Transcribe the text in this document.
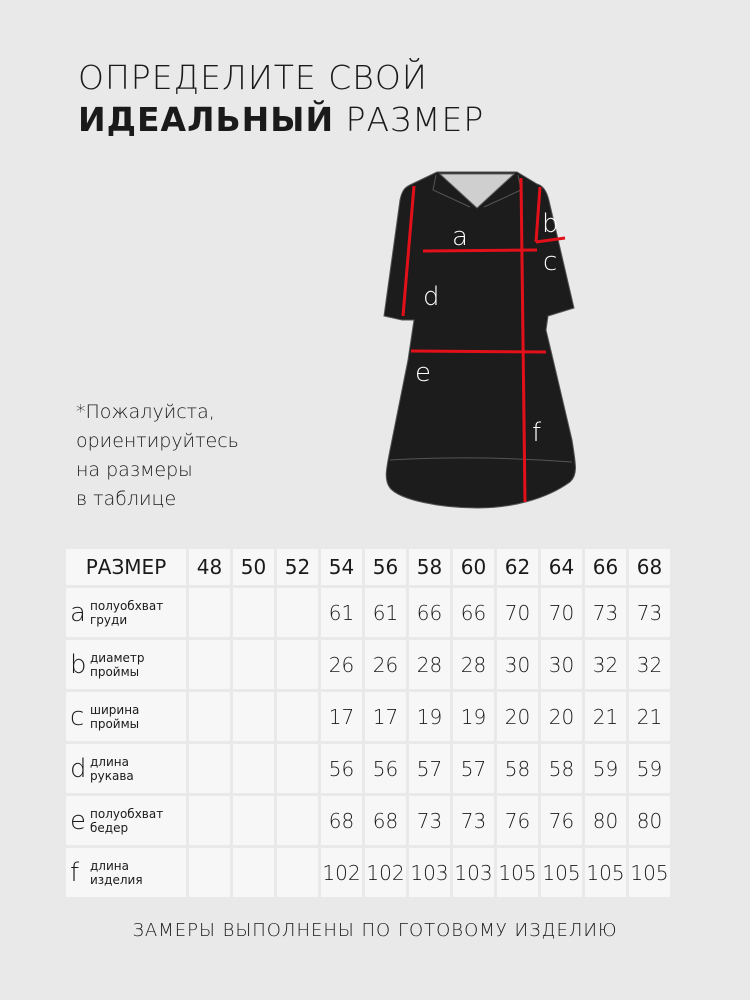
ОПРЕДЕЛИТЕ СВОЙ
ИДЕАЛЬНЫЙ РАЗМЕР
*Пожалуйста,
ориентируйтесь
на размеры
в таблице
a	b
c
d
e
f
РАЗМЕР	48	50	52	54	56	58	60	62	64	66	68
a полуобхват
груди				61	61	66	66	70	70	73	73
b диаметр
проймы				26	26	28	28	30	30	32	32
c ширина
проймы				17	17	19	19	20	20	21	21
d длина
рукава				56	56	57	57	58	58	59	59
e полуобхват
бедер				68	68	73	73	76	76	80	80
f длина
изделия				102	102	103	103	105	105	105	105
ЗАМЕРЫ ВЫПОЛНЕНЫ ПО ГОТОВОМУ ИЗДЕЛИЮ
